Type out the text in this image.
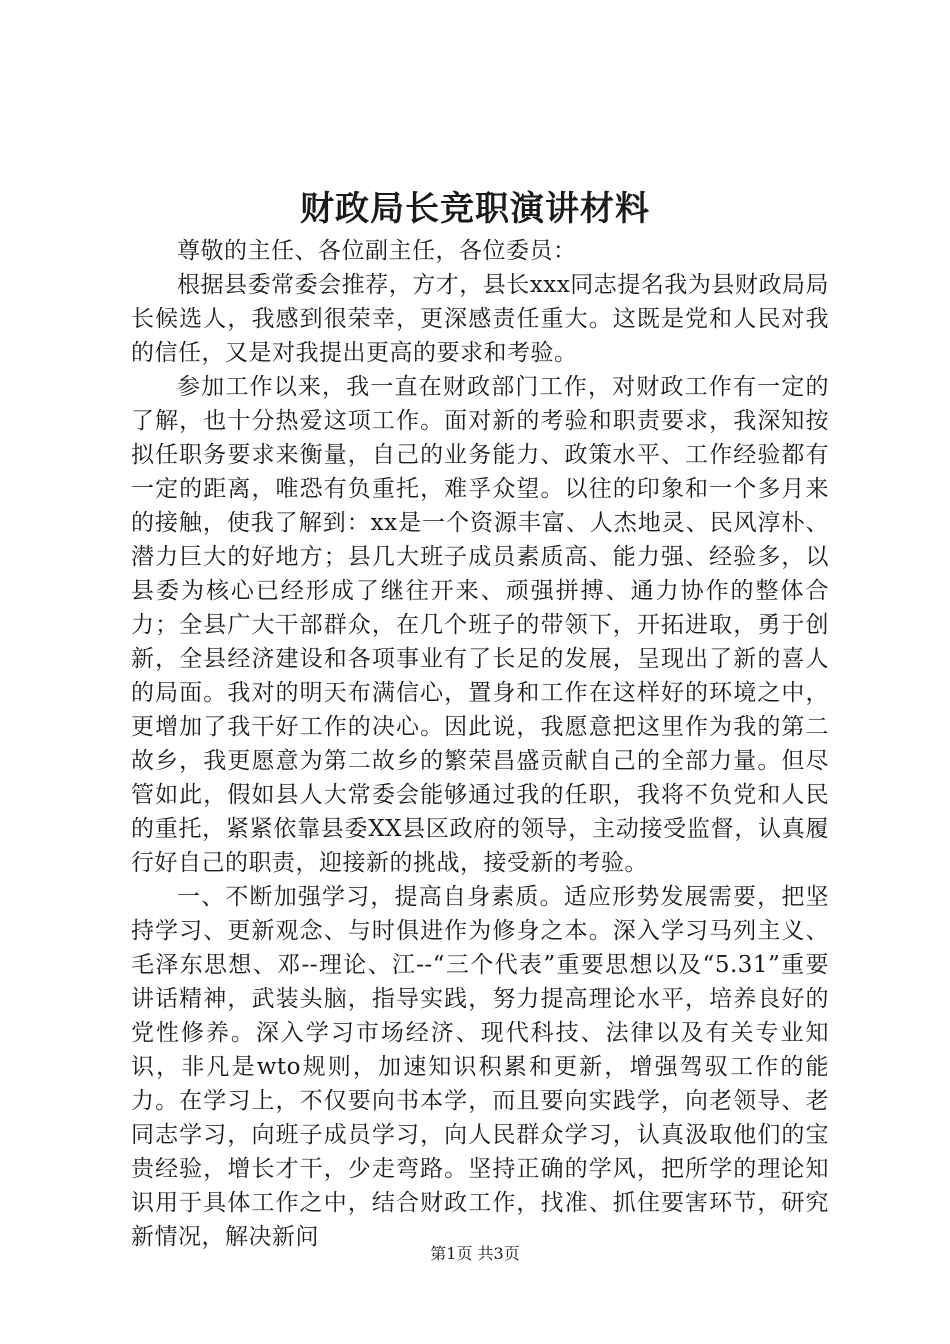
财政局长竞职演讲材料

尊敬的主任、各位副主任，各位委员：

根据县委常委会推荐，方才，县长xxx同志提名我为县财政局局长候选人，我感到很荣幸，更深感责任重大。这既是党和人民对我的信任，又是对我提出更高的要求和考验。

参加工作以来，我一直在财政部门工作，对财政工作有一定的了解，也十分热爱这项工作。面对新的考验和职责要求，我深知按拟任职务要求来衡量，自己的业务能力、政策水平、工作经验都有一定的距离，唯恐有负重托，难孚众望。以往的印象和一个多月来的接触，使我了解到：xx是一个资源丰富、人杰地灵、民风淳朴、潜力巨大的好地方；县几大班子成员素质高、能力强、经验多，以县委为核心已经形成了继往开来、顽强拼搏、通力协作的整体合力；全县广大干部群众，在几个班子的带领下，开拓进取，勇于创新，全县经济建设和各项事业有了长足的发展，呈现出了新的喜人的局面。我对的明天布满信心，置身和工作在这样好的环境之中，更增加了我干好工作的决心。因此说，我愿意把这里作为我的第二故乡，我更愿意为第二故乡的繁荣昌盛贡献自己的全部力量。但尽管如此，假如县人大常委会能够通过我的任职，我将不负党和人民的重托，紧紧依靠县委XX县区政府的领导，主动接受监督，认真履行好自己的职责，迎接新的挑战，接受新的考验。

一、不断加强学习，提高自身素质。适应形势发展需要，把坚持学习、更新观念、与时俱进作为修身之本。深入学习马列主义、毛泽东思想、邓--理论、江--“三个代表”重要思想以及“5.31”重要讲话精神，武装头脑，指导实践，努力提高理论水平，培养良好的党性修养。深入学习市场经济、现代科技、法律以及有关专业知识，非凡是wto规则，加速知识积累和更新，增强驾驭工作的能力。在学习上，不仅要向书本学，而且要向实践学，向老领导、老同志学习，向班子成员学习，向人民群众学习，认真汲取他们的宝贵经验，增长才干，少走弯路。坚持正确的学风，把所学的理论知识用于具体工作之中，结合财政工作，找准、抓住要害环节，研究新情况，解决新问

第1页 共3页
